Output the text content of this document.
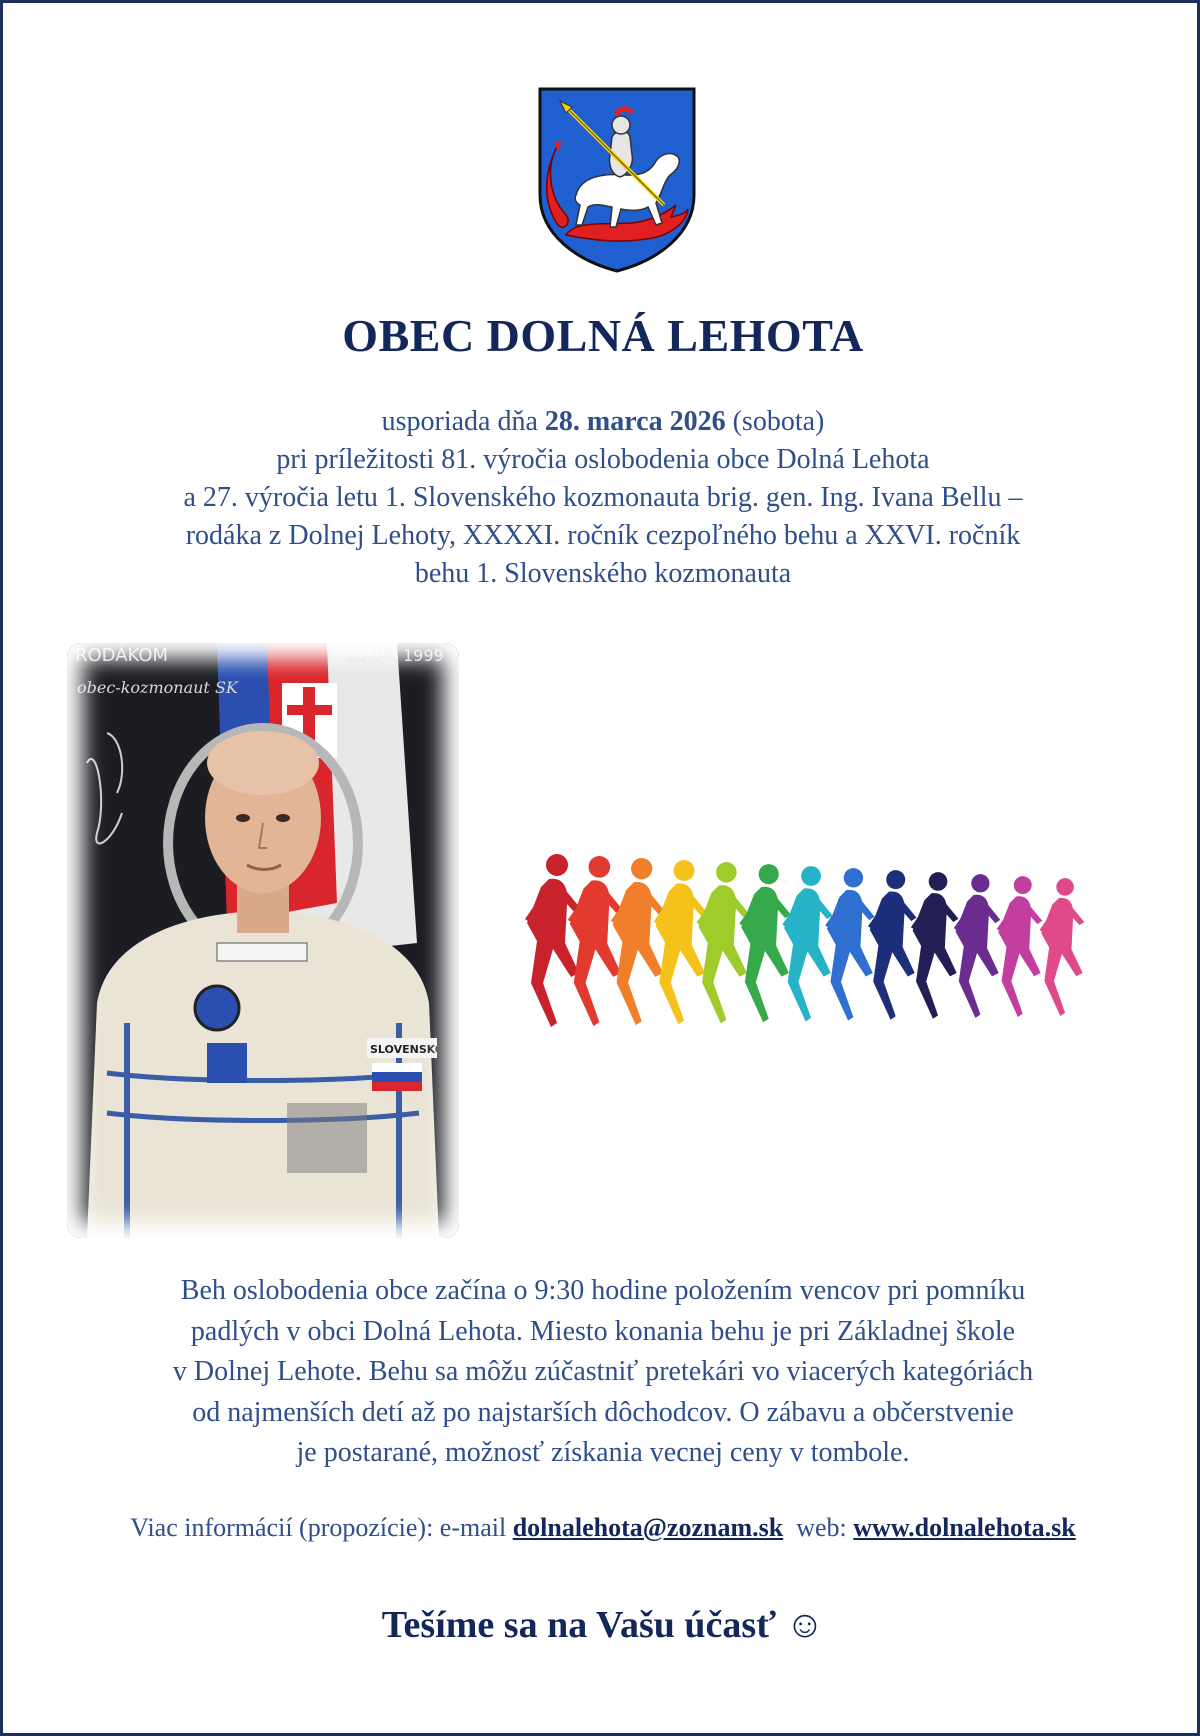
OBEC DOLNÁ LEHOTA
usporiada dňa 28. marca 2026 (sobota)
pri príležitosti 81. výročia oslobodenia obce Dolná Lehota
a 27. výročia letu 1. Slovenského kozmonauta brig. gen. Ing. Ivana Bellu –
rodáka z Dolnej Lehoty, XXXXI. ročník cezpoľného behu a XXVI. ročník
behu 1. Slovenského kozmonauta
RODÁKOM
obec-kozmonaut SK
25.04. 1999
SLOVENSKO
Beh oslobodenia obce začína o 9:30 hodine položením vencov pri pomníku
padlých v obci Dolná Lehota. Miesto konania behu je pri Základnej škole
v Dolnej Lehote. Behu sa môžu zúčastniť pretekári vo viacerých kategóriách
od najmenších detí až po najstarších dôchodcov. O zábavu a občerstvenie
je postarané, možnosť získania vecnej ceny v tombole.
Viac informácií (propozície): e-mail dolnalehota@zoznam.sk web: www.dolnalehota.sk
Tešíme sa na Vašu účasť ☺
